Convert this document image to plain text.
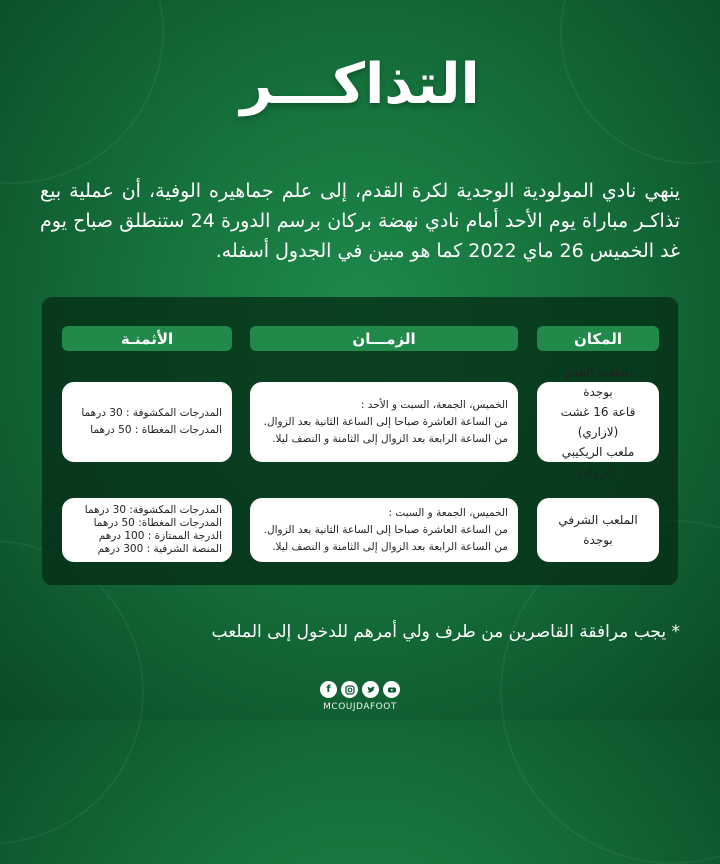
التذاكـــر
ينهي نادي المولودية الوجدية لكرة القدم، إلى علم جماهيره الوفية، أن عملية بيع تذاكـر مباراة يوم الأحد أمام نادي نهضة بركان برسم الدورة 24 ستنطلق صباح يوم غد الخميس 26 ماي 2022 كما هو مبين في الجدول أسفله.
المكان
الزمـــان
الأثمنـة
الملعب البلدي بوجدة
قاعة 16 غشت (لازاري)
ملعب الريكيبي (الروك)
الخميس، الجمعة، السبت و الأحد :
من الساعة العاشرة صباحا إلى الساعة الثانية بعد الزوال.
من الساعة الرابعة بعد الزوال إلى الثامنة و النصف ليلا.
المدرجات المكشوفة : 30 درهما
المدرجات المغطاة : 50 درهما
الملعب الشرفي بوجدة
الخميس، الجمعة و السبت :
من الساعة العاشرة صباحا إلى الساعة الثانية بعد الزوال.
من الساعة الرابعة بعد الزوال إلى الثامنة و النصف ليلا.
المدرجات المكشوفة: 30 درهما
المدرجات المغطاة: 50 درهما
الدرجة الممتازة : 100 درهم
المنصة الشرفية : 300 درهم
* يجب مرافقة القاصرين من طرف ولي أمرهم للدخول إلى الملعب
f
MCOUJDAFOOT
